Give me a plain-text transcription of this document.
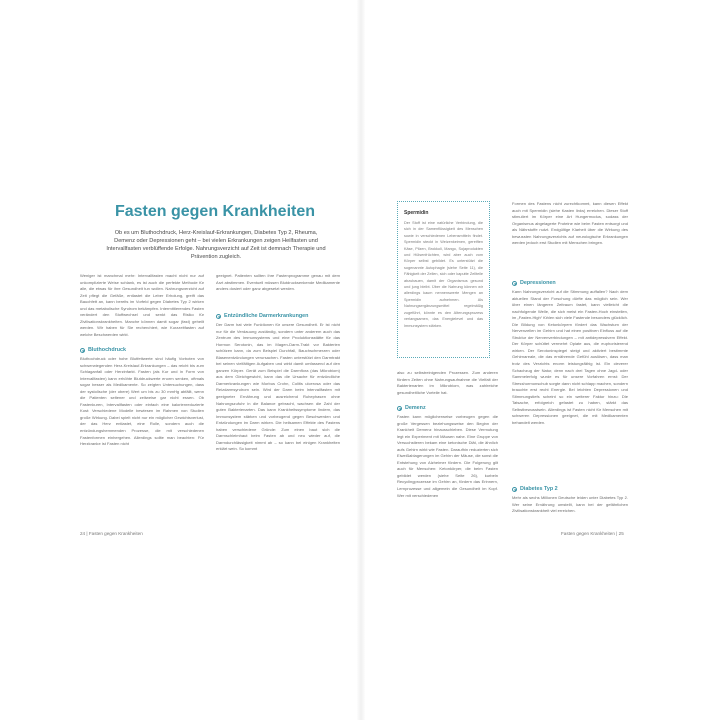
Fasten gegen Krankheiten

Ob es um Bluthochdruck, Herz-Kreislauf-Erkrankungen, Diabetes Typ 2, Rheuma, Demenz oder Depressionen geht – bei vielen Erkrankungen zeigen Heilfasten und Intervallfasten verblüffende Erfolge. Nahrungsverzicht auf Zeit ist demnach Therapie und Prävention zugleich.

Weniger ist manchmal mehr: Intervallfasten macht nicht nur auf unkomplizierte Weise schlank, es ist auch die perfekte Methode für alle, die etwas für ihre Gesundheit tun wollen. Nahrungsverzicht auf Zeit pflegt die Gefäße, entlastet die Leber Erholung, greift das Bauchfett an, kann bereits im Vorfeld gegen Diabetes Typ 2 wirken und das metabolische Syndrom bekämpfen. Intermittierendes Fasten verändert den Stoffwechsel und senkt das Risiko für Zivilisationskrankheiten. Manche können damit sogar (fast) geheilt werden. Wir haben für Sie recherchiert, wie Kurzzeitfasten auf welche Beschwerden wirkt.

Bluthochdruck

Bluthochdruck oder hohe Blutfettwerte sind häufig Vorboten von schwerwiegenden Herz-Kreislauf-Erkrankungen – das reicht bis zum Schlaganfall oder Herzinfarkt. Fasten (als Kur und in Form von Intervallfasten) kann erhöhte Blutdruckwerte enorm senken, oftmals sogar besser als Medikamente. So zeigten Untersuchungen, dass der systolische (der obere) Wert um bis zu 30 mmHg abfällt, wenn die Patienten seltener und zeitweise gar nicht essen. Ob Fastenkuren, Intervallfasten oder einfach eine kalorienreduzierte Kost: Verschiedene Modelle bewiesen im Rahmen von Studien große Wirkung. Dabei spielt nicht nur ein möglicher Gewichtsverlust, der das Herz entlastet, eine Rolle, sondern auch die entzündungshemmenden Prozesse, die mit verschiedenen Fastenformen einhergehen. Allerdings sollte man beachten: Für Herzkranke ist Fasten nicht

geeignet. Patienten sollten ihre Fastenprogramme genau mit dem Arzt abstimmen. Eventuell müssen Blutdrucksenkende Medikamente anders dosiert oder ganz abgesetzt werden.

Entzündliche Darmerkrankungen

Der Darm hat viele Funktionen für unsere Gesundheit. Er ist nicht nur für die Verdauung zuständig, sondern unter anderem auch das Zentrum des Immunsystems und eine Produktionsstätte für das Hormon Serotonin, das im Magen-Darm-Trakt vor Bakterien schützen kann, da zum Beispiel Durchfall, Bauchschmerzen oder Blasenentzündungen verursachen. Fasten unterstützt den Darmtrakt bei seinen vielfältigen Aufgaben und wirkt damit umfassend auf den ganzen Körper. Gerät zum Beispiel die Darmflora (das Mikrobiom) aus dem Gleichgewicht, kann das die Ursache für entzündliche Darmerkrankungen wie Morbus Crohn, Colitis ulcerosa oder das Reizdarmsyndrom sein. Wird der Darm beim Intervallfasten mit geeigneter Ernährung und ausreichend Ruhephasen ohne Nahrungszufuhr in die Balance gebracht, wachsen die Zahl der guten Bakterienarten. Das kann Krankheitssymptome lindern, das Immunsystem stärken und vorbeugend gegen Beschwerden und Entzündungen im Darm wirken. Die heilsamen Effekte des Fastens haben verschiedene Gründe: Zum einen baut sich die Darmschleimhaut beim Fasten ab und neu wieder auf, die Darmdurchlässigkeit nimmt ab – so kann bei einigen Krankheiten erklärt wein. So kommt

24 | Fasten gegen Krankheiten

Spermidin

Der Stoff ist eine natürliche Verbindung, die sich in der Samenflüssigkeit des Menschen sowie in verschiedenen Lebensmitteln findet. Spermidin steckt in Weizenkeimen, gereiften Käse, Pilzen, Brokkoli, Mango, Sojaprodukten und Hülsenfrüchten, wird aber auch vom Körper selbst gebildet. Es unterstützt die sogenannte Autophagie (siehe Seite 11), die Fähigkeit der Zellen, sich oder kaputte Zellteile abzubauen, damit der Organismus gesund und jung bleibt. Über die Nahrung können wir allerdings kaum nennenswerte Mengen an Spermidin aufnehmen. Als Nahrungsergänzungsmittel regelmäßig zugeführt, könnte es den Alterungsprozess verlangsamen, das Energielevel und das Immunsystem stärken.

also zu selbstreinigenden Prozessen. Zum anderen fördern Zeiten ohne Nahrungsaufnahme die Vielfalt der Bakterienarten im Mikrobiom, was zahlreiche gesundheitliche Vorteile hat.

Demenz

Fasten kann möglicherweise vorbeugen gegen die große Vergessen beziehungsweise den Beginn der Krankheit Demenz hinausschieben. Diese Vermutung legt ein Experiment mit Mäusen nahe. Eine Gruppe von Versuchstieren bekam eine ketonische Diät, die ähnlich aufs Gehirn wirkt wie Fasten. Daraufhin reduzierten sich Eiweißablagerungen im Gehirn der Mäuse, die sonst die Entstehung von Alzheimer fördern. Die Folgerung gilt auch für Menschen: Ketonkörper, die beim Fasten gebildet werden (siehe Seite 26), kurbeln Recyclingprozesse im Gehirn an, fördern das Erinnern, Lernprozesse und allgemein die Gesundheit im Kopf. Wer mit verschiedenen

Formen des Fastens nicht zurechtkommt, kann diesen Effekt auch mit Spermidin (siehe Kasten links) erreichen. Dieser Stoff stimuliert im Körper eine Art Hungermodus, sodass der Organismus abgelagerte Proteine wie beim Fasten entsorgt und als Nährstoffe nutzt. Endgültige Klarheit über die Wirkung des bewussten Nahrungsverzichts auf neurologische Erkrankungen werden jedoch erst Studien mit Menschen bringen.

Depressionen

Kann Nahrungsverzicht auf die Stimmung auffallen? Nach dem aktuellen Stand der Forschung dürfte das möglich sein. Wer über einen längeren Zeitraum fastet, kann vielleicht die nachfolgende Welle, die sich meist ein Fasten-Hoch einstellen, im „Fasten-High“ fühlen sich viele Fastende besonders glücklich. Die Bildung von Ketonkörpern fördert das Wachstum der Nervenzellen im Gehirn und hat einen positiven Einfluss auf die Struktur der Nervenverbindungen – mit antidepressivem Effekt. Der Körper schüttet vermehrt Opiate aus, die euphorisierend wirken. Der Serotoninspiegel steigt und aktiviert bestimmte Gehirnareale, die das ernährende Gefühl auslösen, dass man trotz des Verzichts enorm leistungsfähig ist. Ein cleverer Schachzug der Natur, denn nach drei Tagen ohne Jagd- oder Sammelerfolg wurde es für unsere Vorfahren ernst: Der Stresshormonschub sorgte dann nicht schlapp machen, sondern brauchte erst recht Energie. Bei leichten Depressionen und Stimmungstiefs scheint so ein weiterer Faktor hinzu: Die Tatsache, erfolgreich gefastet zu haben, stärkt das Selbstbewusstsein. Allerdings ist Fasten nicht für Menschen mit schweren Depressionen geeignet, die mit Medikamenten behandelt werden.

Diabetes Typ 2

Mehr als sechs Millionen Deutsche leiden unter Diabetes Typ 2. Wer seine Ernährung umstellt, kann bei der gefährlichen Zivilisationskrankheit viel erreichen.

Fasten gegen Krankheiten | 25
